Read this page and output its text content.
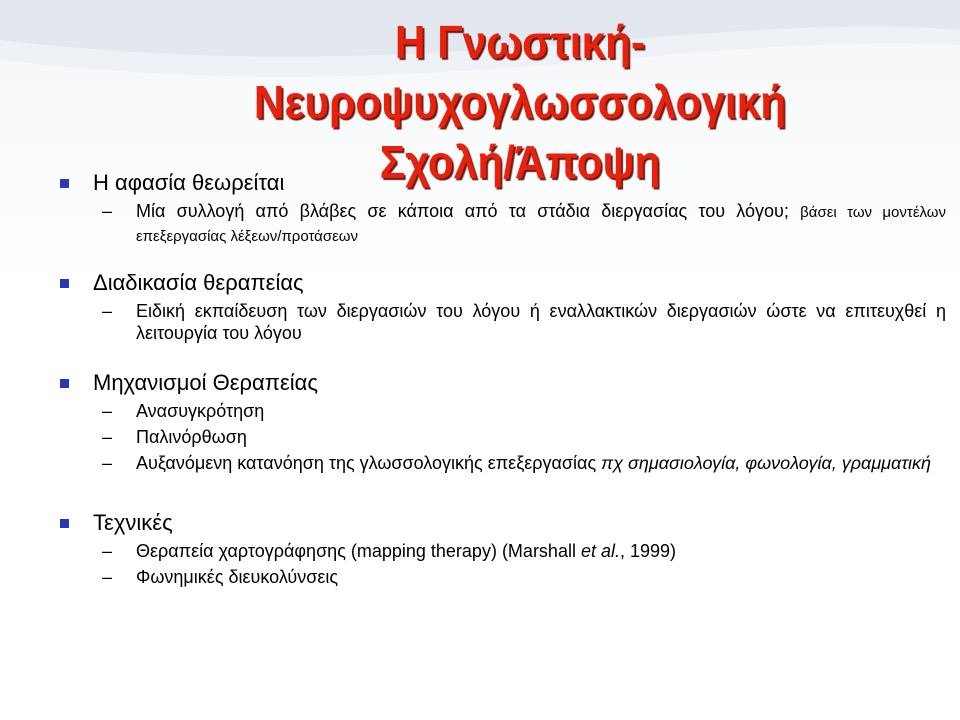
Η Γνωστική-
Νευροψυχογλωσσολογική
Σχολή/Άποψη
Η αφασία θεωρείται
– Μία συλλογή από βλάβες σε κάποια από τα στάδια διεργασίας του λόγου; βάσει των μοντέλων επεξεργασίας λέξεων/προτάσεων
Διαδικασία θεραπείας
– Ειδική εκπαίδευση των διεργασιών του λόγου ή εναλλακτικών διεργασιών ώστε να επιτευχθεί η λειτουργία του λόγου
Μηχανισμοί Θεραπείας
– Ανασυγκρότηση
– Παλινόρθωση
– Αυξανόμενη κατανόηση της γλωσσολογικής επεξεργασίας πχ σημασιολογία, φωνολογία, γραμματική
Τεχνικές
– Θεραπεία χαρτογράφησης (mapping therapy) (Marshall et al., 1999)
– Φωνημικές διευκολύνσεις
